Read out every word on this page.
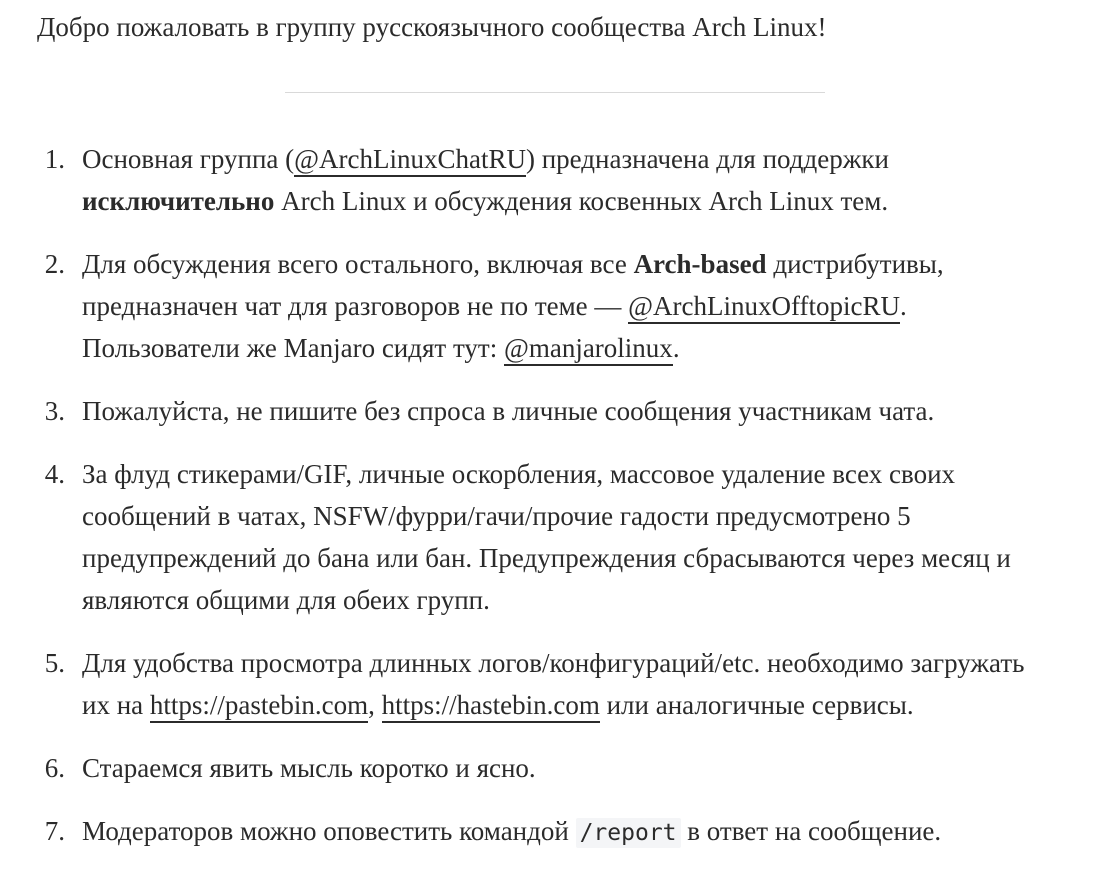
Добро пожаловать в группу русскоязычного сообщества Arch Linux!

1. Основная группа (@ArchLinuxChatRU) предназначена для поддержки
исключительно Arch Linux и обсуждения косвенных Arch Linux тем.
2. Для обсуждения всего остального, включая все Arch-based дистрибутивы,
предназначен чат для разговоров не по теме — @ArchLinuxOfftopicRU.
Пользователи же Manjaro сидят тут: @manjarolinux.
3. Пожалуйста, не пишите без спроса в личные сообщения участникам чата.
4. За флуд стикерами/GIF, личные оскорбления, массовое удаление всех своих
сообщений в чатах, NSFW/фурри/гачи/прочие гадости предусмотрено 5
предупреждений до бана или бан. Предупреждения сбрасываются через месяц и
являются общими для обеих групп.
5. Для удобства просмотра длинных логов/конфигураций/etc. необходимо загружать
их на https://pastebin.com, https://hastebin.com или аналогичные сервисы.
6. Стараемся явить мысль коротко и ясно.
7. Модераторов можно оповестить командой /report в ответ на сообщение.
